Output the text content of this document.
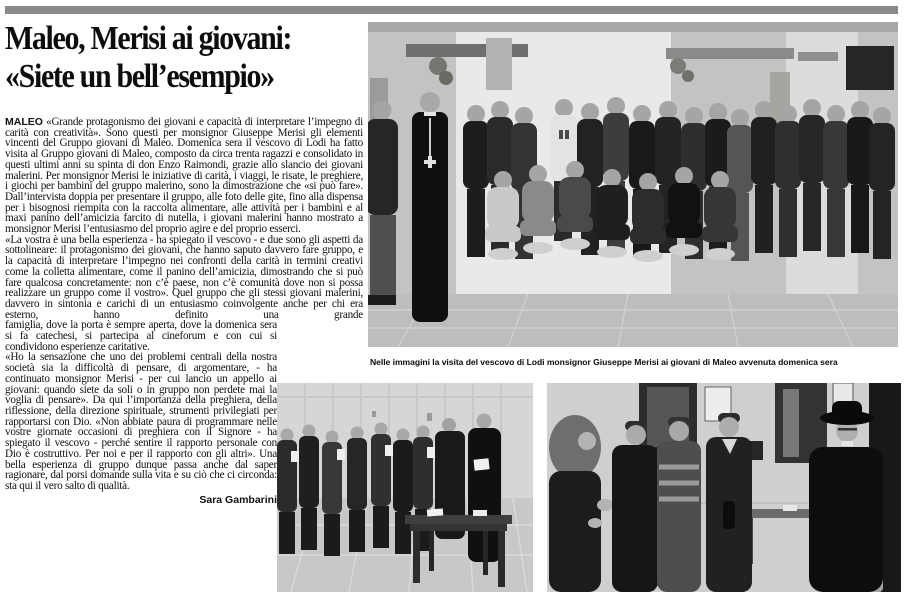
Maleo, Merisi ai giovani:
«Siete un bell’esempio»

MALEO «Grande protagonismo dei giovani e capacità di interpretare l’impegno di carità con creatività». Sono questi per monsignor Giuseppe Merisi gli elementi vincenti del Gruppo giovani di Maleo. Domenica sera il vescovo di Lodi ha fatto visita al Gruppo giovani di Maleo, composto da circa trenta ragazzi e consolidato in questi ultimi anni su spinta di don Enzo Raimondi, grazie allo slancio dei giovani malerini. Per monsignor Merisi le iniziative di carità, i viaggi, le risate, le preghiere, i giochi per bambini del gruppo malerino, sono la dimostrazione che «si può fare». Dall’intervista doppia per presentare il gruppo, alle foto delle gite, fino alla dispensa per i bisognosi riempita con la raccolta alimentare, alle attività per i bambini e al maxi panino dell’amicizia farcito di nutella, i giovani malerini hanno mostrato a monsignor Merisi l’entusiasmo del proprio agire e del proprio esserci.

«La vostra è una bella esperienza - ha spiegato il vescovo - e due sono gli aspetti da sottolineare: il protagonismo dei giovani, che hanno saputo davvero fare gruppo, e la capacità di interpretare l’impegno nei confronti della carità in termini creativi come la colletta alimentare, come il panino dell’amicizia, dimostrando che si può fare qualcosa concretamente: non c’è paese, non c’è comunità dove non si possa realizzare un gruppo come il vostro». Quel gruppo che gli stessi giovani malerini, davvero in sintonia e carichi di un entusiasmo coinvolgente anche per chi era esterno, hanno definito una grande

famiglia, dove la porta è sempre aperta, dove la domenica sera si fa catechesi, si partecipa al cineforum e con cui si condividono esperienze caritative.

«Ho la sensazione che uno dei problemi centrali della nostra società sia la difficoltà di pensare, di argomentare, - ha continuato monsignor Merisi - per cui lancio un appello ai giovani: quando siete da soli o in gruppo non perdete mai la voglia di pensare». Da qui l’importanza della preghiera, della riflessione, della direzione spirituale, strumenti privilegiati per rapportarsi con Dio. «Non abbiate paura di programmare nelle vostre giornate occasioni di preghiera con il Signore - ha spiegato il vescovo - perché sentire il rapporto personale con Dio è costruttivo. Per noi e per il rapporto con gli altri». Una bella esperienza di gruppo dunque passa anche dal saper ragionare, dal porsi domande sulla vita e su ciò che ci circonda: sta qui il vero salto di qualità.

Sara Gambarini

Nelle immagini la visita del vescovo di Lodi monsignor Giuseppe Merisi ai giovani di Maleo avvenuta domenica sera
